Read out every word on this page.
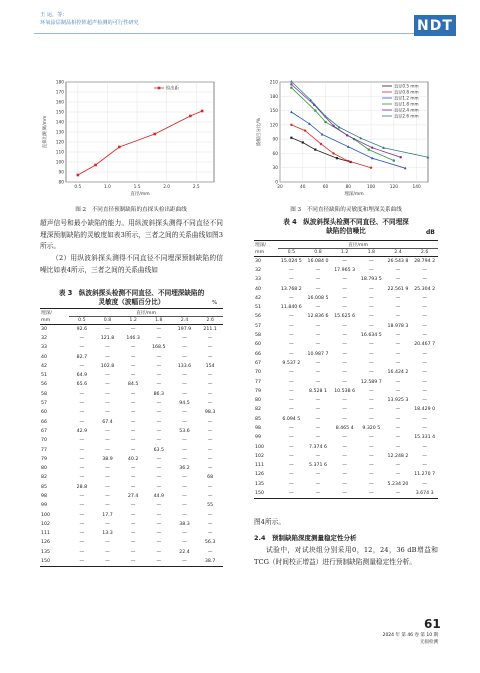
王 运，等：
环氧涂层制品相控阵超声检测的可行性研究	NDT
80
90
100
110
120
130
140
150
160
170
180
0.5	1.0	1.5	2.0	2.5
检出距
直径/mm
直探出距离/mm
图 2　不同直径预制缺陷的直探头检出距曲线
0
30
60
90
120
150
180
210
20	40	60	80	100	120	140
直径0.5 mm
直径0.8 mm
直径1.2 mm
直径1.8 mm
直径2.4 mm
直径2.6 mm
埋深/mm
波幅百分比/%
图 3　不同直径缺陷的灵敏度和埋深关系曲线
超声信号和最小缺陷的能力。用纵波斜探头测得不同直径不同埋深预制缺陷的灵敏度如表3所示，三者之间的关系曲线如图3所示。
（2）用纵波斜探头测得不同直径不同埋深预制缺陷的信噪比如表4所示，三者之间的关系曲线如
表 3　纵波斜探头检测不同直径、不同埋深缺陷的
灵敏度（波幅百分比）	%
埋深/	直径/mm					
mm	0.5	0.8	1.2	1.8	2.4	2.6
30	92.6	—	—	—	197.9	211.1
32	—	121.8	146.3	—	—	—
33	—	—	—	168.5	—	—
40	82.7	—	—	—	—	—
42	—	102.8	—	—	133.6	154
51	64.9	—	—	—	—	—
56	65.6	—	84.5	—	—	—
58	—	—	—	86.3	—	—
57	—	—	—	—	94.5	—
60	—	—	—	—	—	98.3
66	—	67.4	—	—	—	—
67	42.9	—	—	—	53.6	—
70	—	—	—	—	—	—
77	—	—	—	63.5	—	—
79	—	38.9	40.2	—	—	—
80	—	—	—	—	36.2	—
82	—	—	—	—	—	68
85	28.8	—	—	—	—	—
98	—	—	27.4	44.9	—	—
99	—	—	—	—	—	55
100	—	17.7	—	—	—	—
102	—	—	—	—	38.3	—
111	—	13.3	—	—	—	—
126	—	—	—	—	—	56.3
135	—	—	—	—	22.4	—
150	—	—	—	—	—	38.7
表 4　纵波斜探头检测不同直径、不同埋深
缺陷的信噪比	dB
埋深/	直径/mm					
mm	0.5	0.8	1.2	1.8	2.4	2.6
30	15.024 5	16.084 0	—	—	26.543 8	28.794 2
32	—	—	17.965 3	—	—	—
33	—	—	—	18.793 5	—	—
40	13.768 2	—	—	—	22.561 9	25.304 2
42	—	16.008 5	—	—	—	—
51	11.840 6	—	—	—	—	—
56	—	12.836 6	15.625 6	—	—	—
57	—	—	—	—	18.978 3	—
58	—	—	—	16.634 5	—	—
60	—	—	—	—	—	20.467 7
66	—	10.987 7	—	—	—	—
67	9.537 2	—	—	—	—	—
70	—	—	—	—	16.424 2	—
77	—	—	—	12.589 7	—	—
79	—	8.528 1	10.538 6	—	—	—
80	—	—	—	—	13.925 3	—
82	—	—	—	—	—	18.429 0
85	6.094 5	—	—	—	—	—
98	—	—	8.465 4	9.320 5	—	—
99	—	—	—	—	—	15.331 4
100	—	7.374 6	—	—	—	—
102	—	—	—	—	12.248 2	—
111	—	5.371 6	—	—	—	—
126	—	—	—	—	—	11.270 7
135	—	—	—	—	5.234 20	—
150	—	—	—	—	—	3.674 3
图4所示。
2.4　预制缺陷深度测量稳定性分析
试验中，对试块组分别采用0，12，24，36 dB增益和TCG（时间校正增益）进行预制缺陷测量稳定性分析。
61
2024 年 第 46 卷 第 10 期
无损检测
